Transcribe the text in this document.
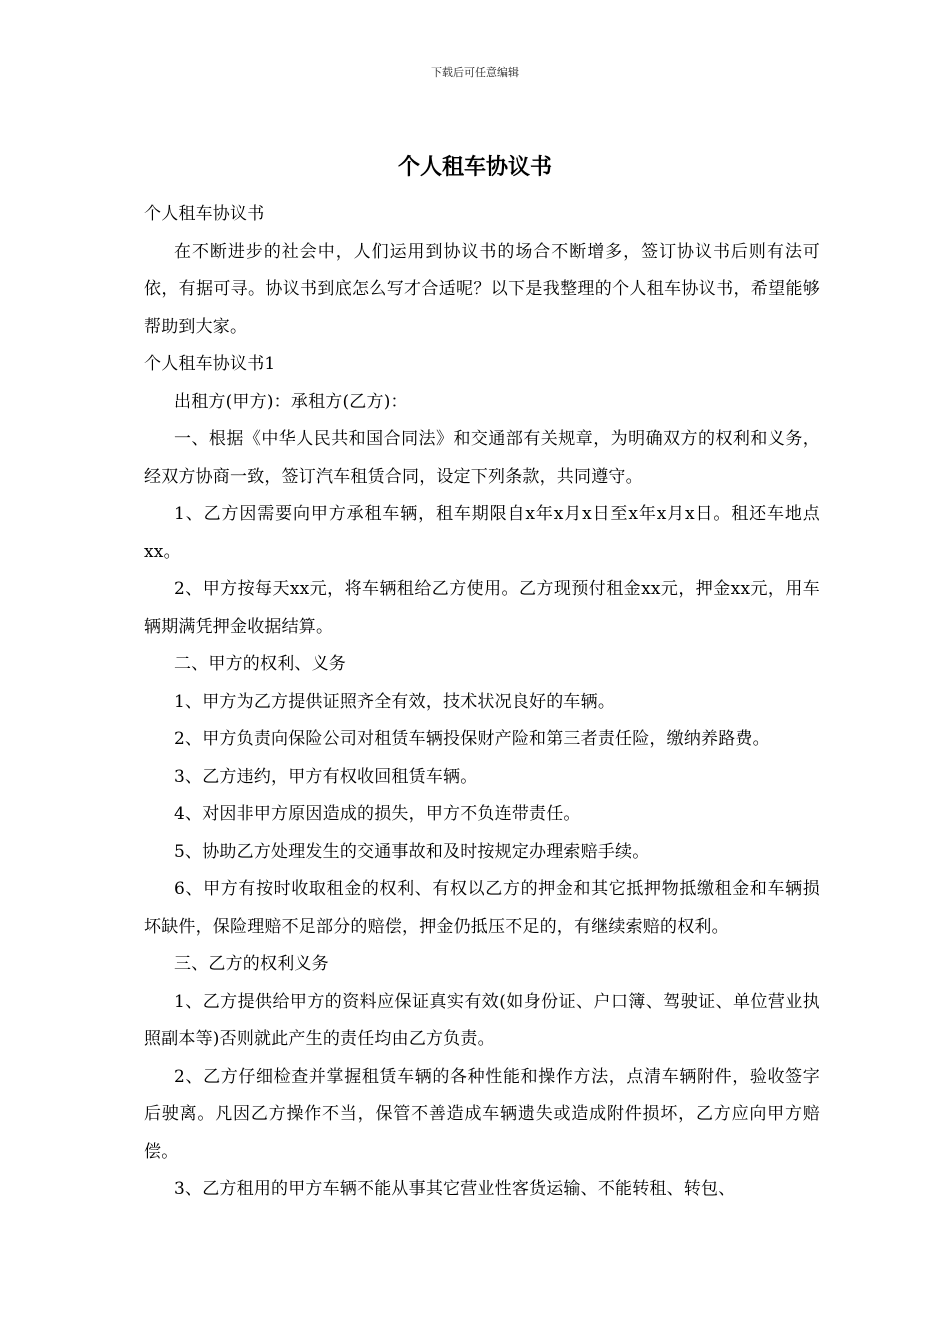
下载后可任意编辑
个人租车协议书

个人租车协议书

在不断进步的社会中，人们运用到协议书的场合不断增多，签订协议书后则有法可依，有据可寻。协议书到底怎么写才合适呢？以下是我整理的个人租车协议书，希望能够帮助到大家。

个人租车协议书1

出租方(甲方)：承租方(乙方)：

一、根据《中华人民共和国合同法》和交通部有关规章，为明确双方的权利和义务，经双方协商一致，签订汽车租赁合同，设定下列条款，共同遵守。

1、乙方因需要向甲方承租车辆，租车期限自x年x月x日至x年x月x日。租还车地点xx。

2、甲方按每天xx元，将车辆租给乙方使用。乙方现预付租金xx元，押金xx元，用车辆期满凭押金收据结算。

二、甲方的权利、义务

1、甲方为乙方提供证照齐全有效，技术状况良好的车辆。

2、甲方负责向保险公司对租赁车辆投保财产险和第三者责任险，缴纳养路费。

3、乙方违约，甲方有权收回租赁车辆。

4、对因非甲方原因造成的损失，甲方不负连带责任。

5、协助乙方处理发生的交通事故和及时按规定办理索赔手续。

6、甲方有按时收取租金的权利、有权以乙方的押金和其它抵押物抵缴租金和车辆损坏缺件，保险理赔不足部分的赔偿，押金仍抵压不足的，有继续索赔的权利。

三、乙方的权利义务

1、乙方提供给甲方的资料应保证真实有效(如身份证、户口簿、驾驶证、单位营业执照副本等)否则就此产生的责任均由乙方负责。

2、乙方仔细检查并掌握租赁车辆的各种性能和操作方法，点清车辆附件，验收签字后驶离。凡因乙方操作不当，保管不善造成车辆遗失或造成附件损坏，乙方应向甲方赔偿。

3、乙方租用的甲方车辆不能从事其它营业性客货运输、不能转租、转包、
